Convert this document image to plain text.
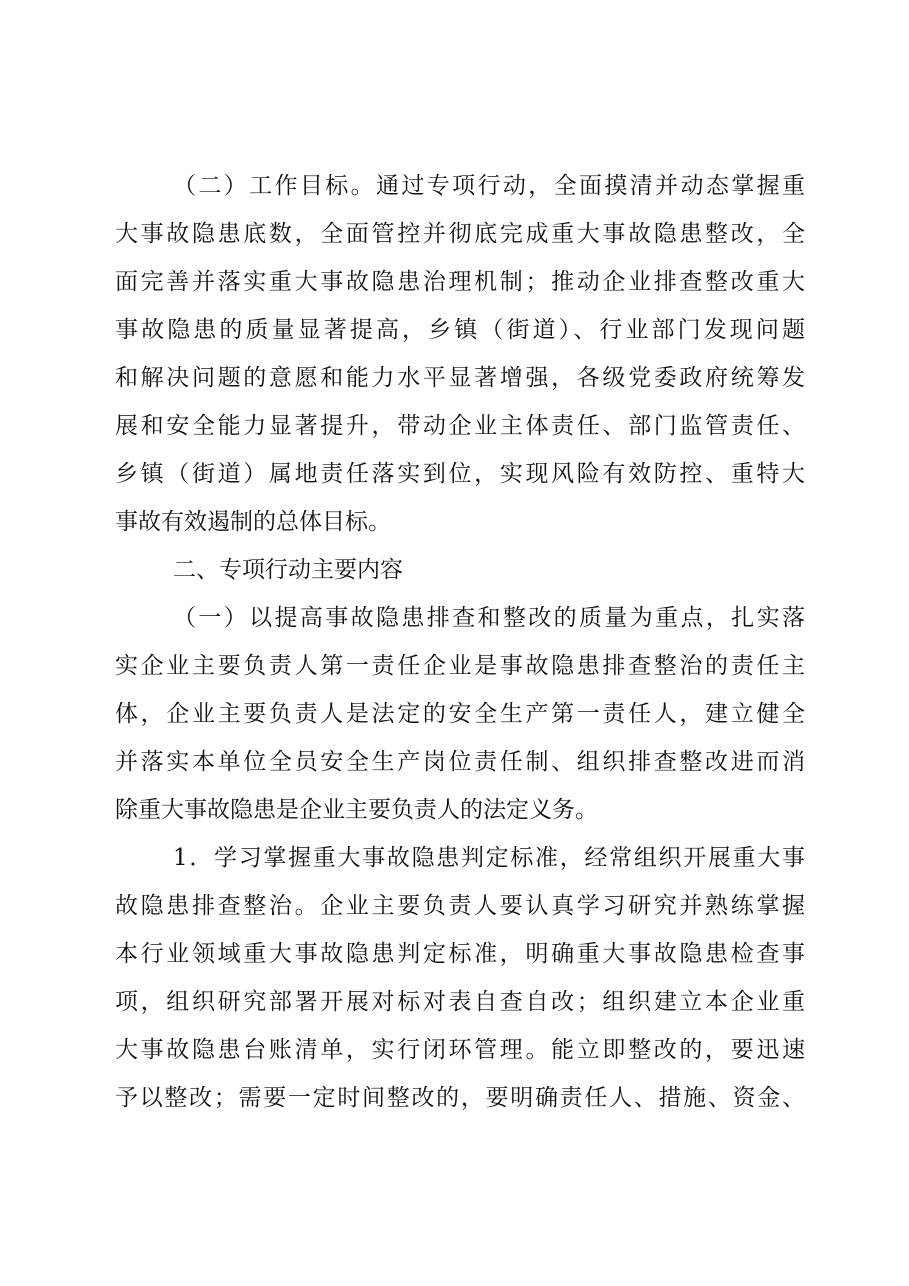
（二）工作目标。通过专项行动，全面摸清并动态掌握重
大事故隐患底数，全面管控并彻底完成重大事故隐患整改，全
面完善并落实重大事故隐患治理机制；推动企业排查整改重大
事故隐患的质量显著提高，乡镇（街道）、行业部门发现问题
和解决问题的意愿和能力水平显著增强，各级党委政府统筹发
展和安全能力显著提升，带动企业主体责任、部门监管责任、
乡镇（街道）属地责任落实到位，实现风险有效防控、重特大
事故有效遏制的总体目标。
二、专项行动主要内容
（一）以提高事故隐患排查和整改的质量为重点，扎实落
实企业主要负责人第一责任企业是事故隐患排查整治的责任主
体，企业主要负责人是法定的安全生产第一责任人，建立健全
并落实本单位全员安全生产岗位责任制、组织排查整改进而消
除重大事故隐患是企业主要负责人的法定义务。
1．学习掌握重大事故隐患判定标准，经常组织开展重大事
故隐患排查整治。企业主要负责人要认真学习研究并熟练掌握
本行业领域重大事故隐患判定标准，明确重大事故隐患检查事
项，组织研究部署开展对标对表自查自改；组织建立本企业重
大事故隐患台账清单，实行闭环管理。能立即整改的，要迅速
予以整改；需要一定时间整改的，要明确责任人、措施、资金、
